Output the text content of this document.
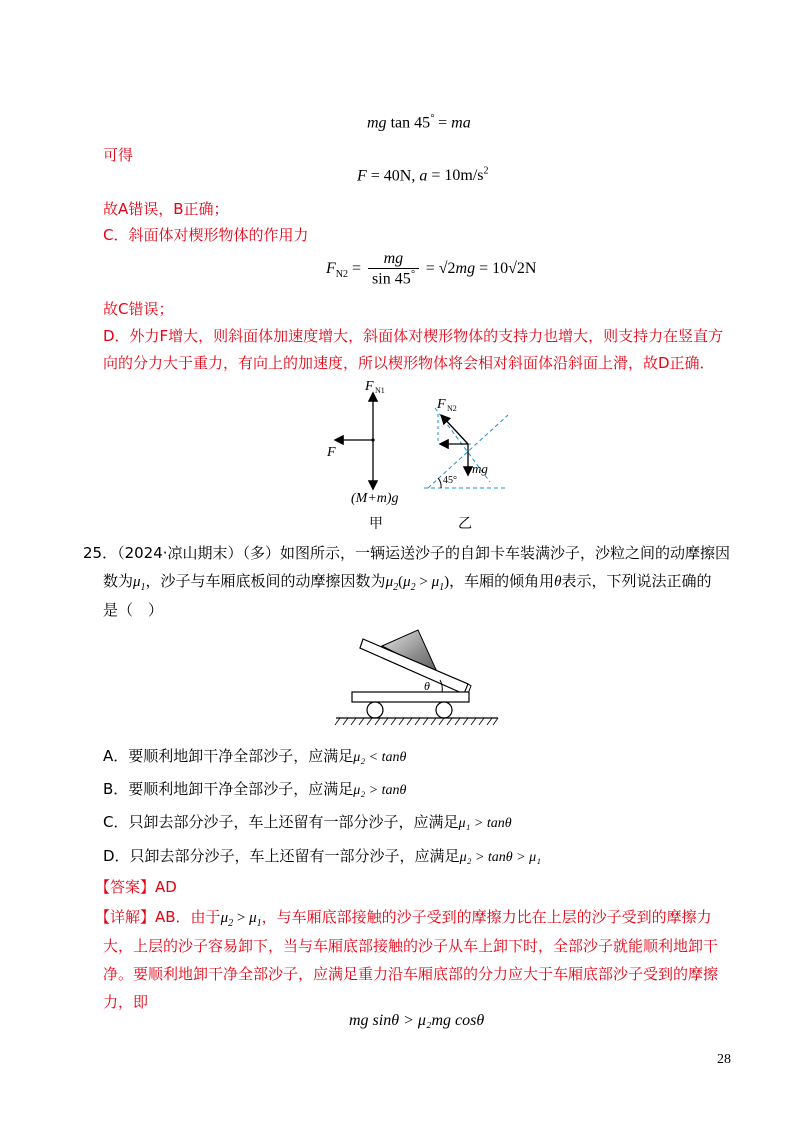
mg tan 45° = ma
可得
F = 40N, $a = 10m/s^2$
故A错误，B正确；
C．斜面体对楔形物体的作用力
$F_{N2} = \frac{mg}{\sin 45^\circ} = √2mg = 10√2N$
故C错误；
D．外力F增大，则斜面体加速度增大，斜面体对楔形物体的支持力也增大，则支持力在竖直方
向的分力大于重力，有向上的加速度，所以楔形物体将会相对斜面体沿斜面上滑，故D正确．
F N1
F
(M+m)g
甲
F N2
mg
45°
乙
25．（2024·凉山期末）（多）如图所示，一辆运送沙子的自卸卡车装满沙子，沙粒之间的动摩擦因
数为$\mu_1$，沙子与车厢底板间的动摩擦因数为$\mu_2(\mu_2 > \mu_1)$，车厢的倾角用θ表示，下列说法正确的
是（　）
θ
A．要顺利地卸干净全部沙子，应满足μ₂ < tanθ
B．要顺利地卸干净全部沙子，应满足μ₂ > tanθ
C．只卸去部分沙子，车上还留有一部分沙子，应满足μ₁ > tanθ
D．只卸去部分沙子，车上还留有一部分沙子，应满足μ₂ > tanθ > μ₁
【答案】AD
【详解】AB．由于$\mu_2 > \mu_1$，与车厢底部接触的沙子受到的摩擦力比在上层的沙子受到的摩擦力
大，上层的沙子容易卸下，当与车厢底部接触的沙子从车上卸下时，全部沙子就能顺利地卸干
净。要顺利地卸干净全部沙子，应满足重力沿车厢底部的分力应大于车厢底部沙子受到的摩擦
力，即
mg sinθ > μ₂mg cosθ
28
